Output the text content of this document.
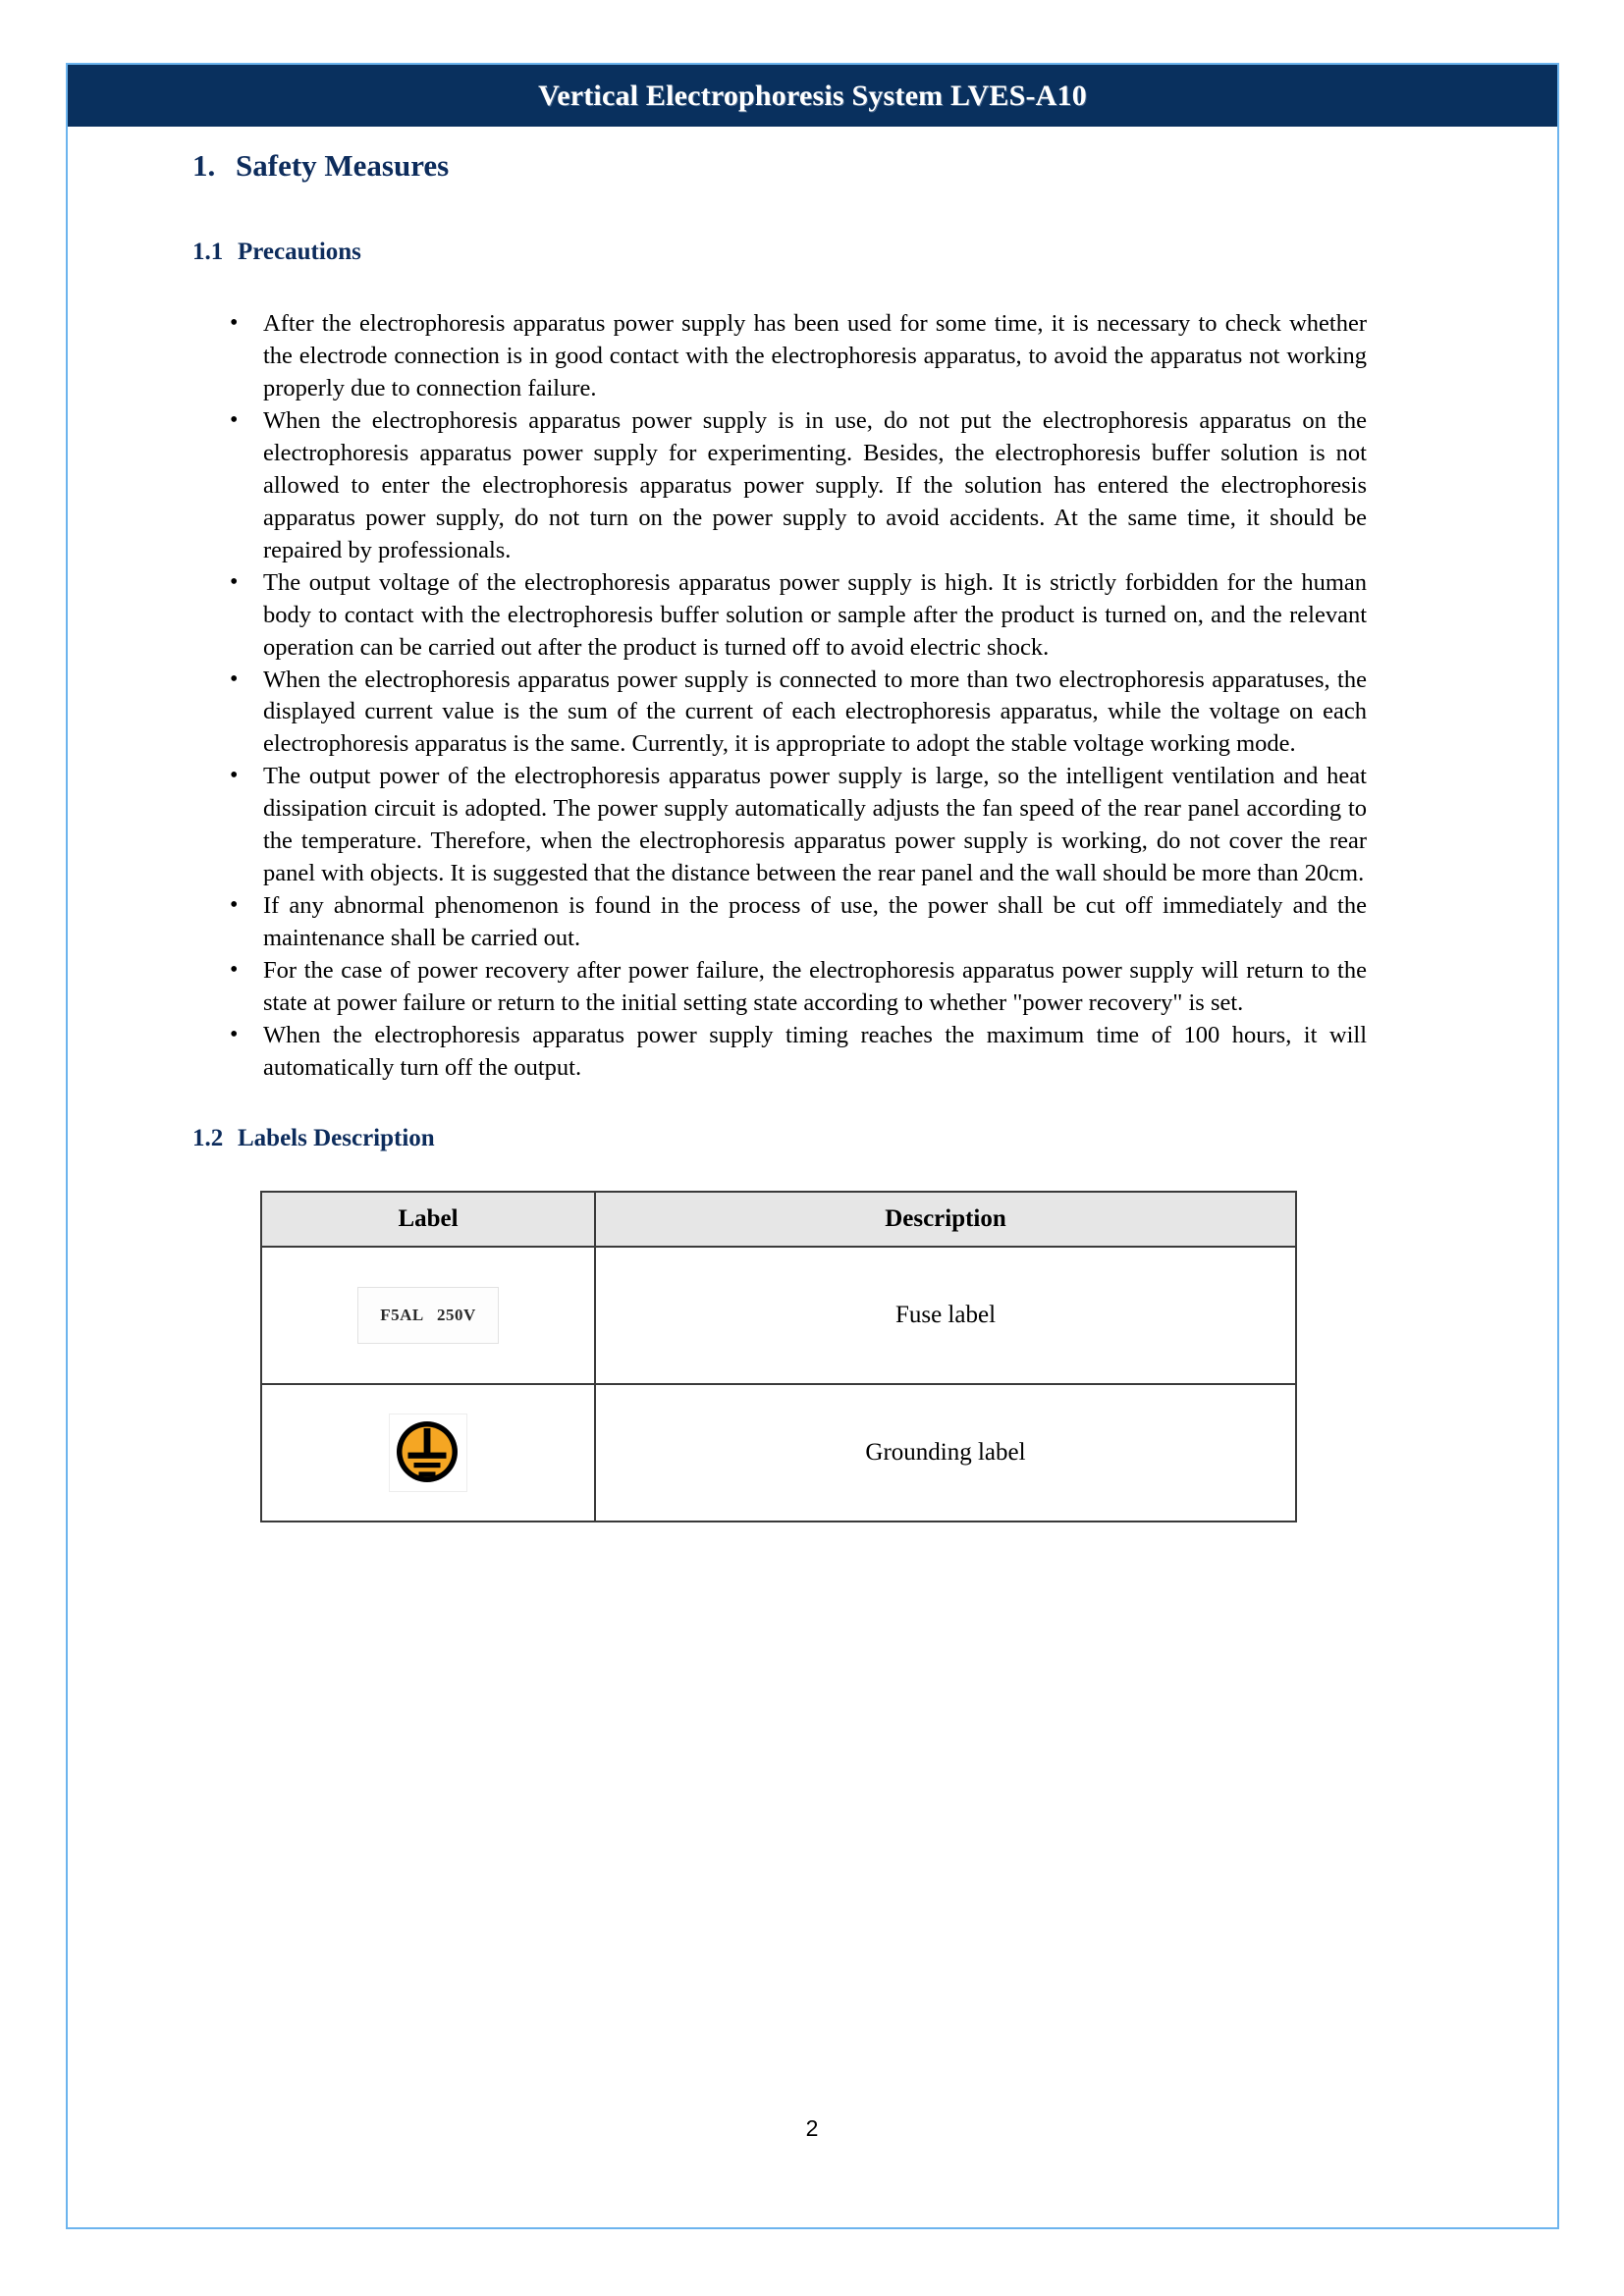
Vertical Electrophoresis System LVES-A10
1. Safety Measures
1.1 Precautions
• After the electrophoresis apparatus power supply has been used for some time, it is necessary to check whether the electrode connection is in good contact with the electrophoresis apparatus, to avoid the apparatus not working properly due to connection failure.
• When the electrophoresis apparatus power supply is in use, do not put the electrophoresis apparatus on the electrophoresis apparatus power supply for experimenting. Besides, the electrophoresis buffer solution is not allowed to enter the electrophoresis apparatus power supply. If the solution has entered the electrophoresis apparatus power supply, do not turn on the power supply to avoid accidents. At the same time, it should be repaired by professionals.
• The output voltage of the electrophoresis apparatus power supply is high. It is strictly forbidden for the human body to contact with the electrophoresis buffer solution or sample after the product is turned on, and the relevant operation can be carried out after the product is turned off to avoid electric shock.
• When the electrophoresis apparatus power supply is connected to more than two electrophoresis apparatuses, the displayed current value is the sum of the current of each electrophoresis apparatus, while the voltage on each electrophoresis apparatus is the same. Currently, it is appropriate to adopt the stable voltage working mode.
• The output power of the electrophoresis apparatus power supply is large, so the intelligent ventilation and heat dissipation circuit is adopted. The power supply automatically adjusts the fan speed of the rear panel according to the temperature. Therefore, when the electrophoresis apparatus power supply is working, do not cover the rear panel with objects. It is suggested that the distance between the rear panel and the wall should be more than 20cm.
• If any abnormal phenomenon is found in the process of use, the power shall be cut off immediately and the maintenance shall be carried out.
• For the case of power recovery after power failure, the electrophoresis apparatus power supply will return to the state at power failure or return to the initial setting state according to whether "power recovery" is set.
• When the electrophoresis apparatus power supply timing reaches the maximum time of 100 hours, it will automatically turn off the output.
1.2 Labels Description
Label	Description
F5AL   250V	Fuse label

	Grounding label
2
